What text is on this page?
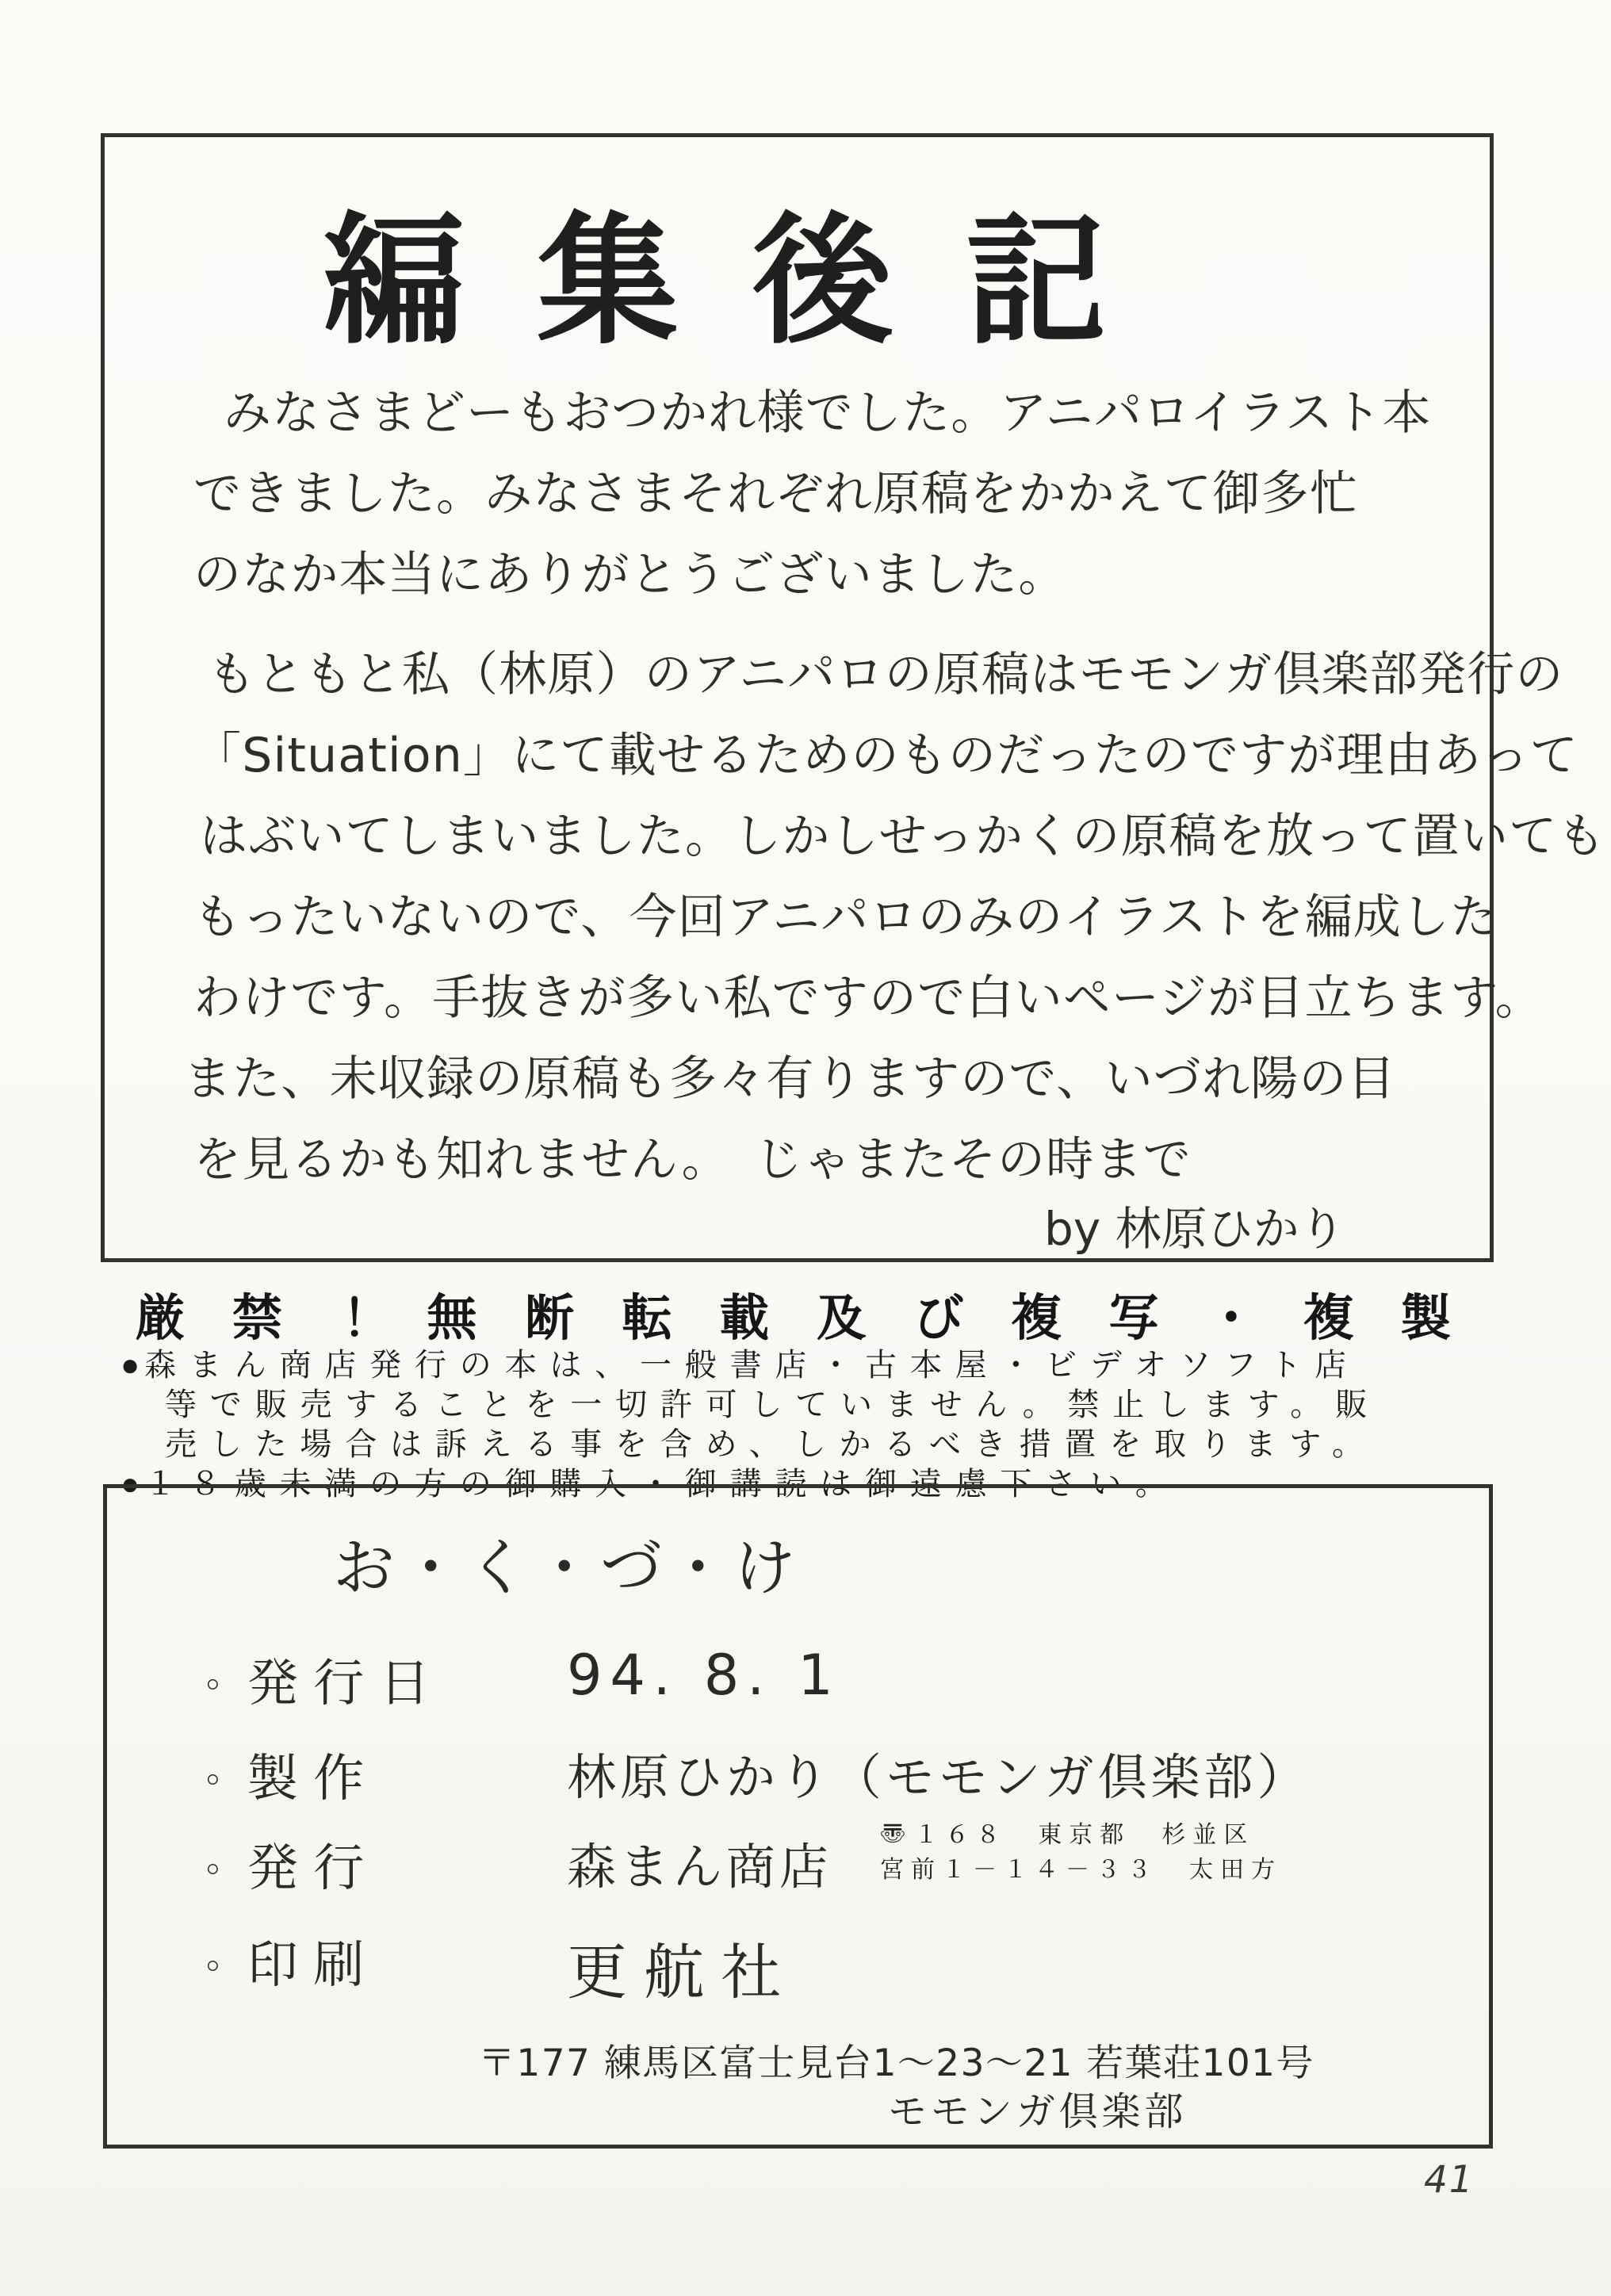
編集後記
みなさまどーもおつかれ様でした。アニパロイラスト本
できました。みなさまそれぞれ原稿をかかえて御多忙
のなか本当にありがとうございました。
もともと私（林原）のアニパロの原稿はモモンガ倶楽部発行の
「Situation」にて載せるためのものだったのですが理由あって
はぶいてしまいました。しかしせっかくの原稿を放って置いても
もったいないので、今回アニパロのみのイラストを編成した
わけです。手抜きが多い私ですので白いページが目立ちます。
また、未収録の原稿も多々有りますので、いづれ陽の目
を見るかも知れません。　じゃまたその時まで
by 林原ひかり
厳禁！無断転載及び複写・複製
● 森まん商店発行の本は、一般書店・古本屋・ビデオソフト店
等で販売することを一切許可していません。禁止します。販
売した場合は訴える事を含め、しかるべき措置を取ります。
● １８歳未満の方の御購入・御講読は御遠慮下さい。
お・く・づ・け
。発行日 94. 8. 1
。製作	林原ひかり（モモンガ倶楽部）
。発行	森まん商店
〠 １６８　東京都　杉並区
宮前１－１４－３３　太田方
。印刷	更航社
〒177 練馬区富士見台1〜23〜21 若葉荘101号
モモンガ倶楽部
41
